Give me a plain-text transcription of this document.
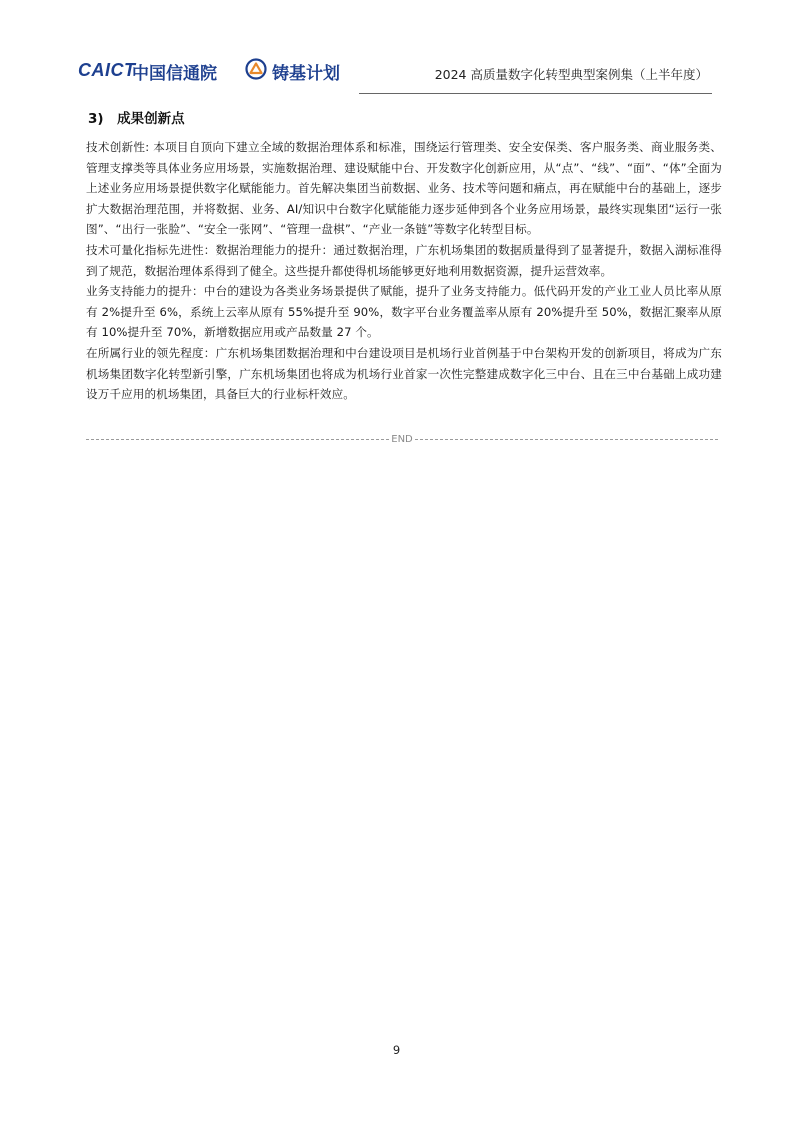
CAICT
中国信通院	铸基计划	2024 高质量数字化转型典型案例集（上半年度）
3)　成果创新点

技术创新性: 本项目自顶向下建立全域的数据治理体系和标准，围绕运行管理类、安全安保类、客户服务类、商业服务类、管理支撑类等具体业务应用场景，实施数据治理、建设赋能中台、开发数字化创新应用，从“点”、“线”、“面”、“体”全面为上述业务应用场景提供数字化赋能能力。首先解决集团当前数据、业务、技术等问题和痛点，再在赋能中台的基础上，逐步扩大数据治理范围，并将数据、业务、AI/知识中台数字化赋能能力逐步延伸到各个业务应用场景，最终实现集团“运行一张图”、“出行一张脸”、“安全一张网”、“管理一盘棋”、“产业一条链”等数字化转型目标。

技术可量化指标先进性：数据治理能力的提升：通过数据治理，广东机场集团的数据质量得到了显著提升，数据入湖标准得到了规范，数据治理体系得到了健全。这些提升都使得机场能够更好地利用数据资源，提升运营效率。

业务支持能力的提升：中台的建设为各类业务场景提供了赋能，提升了业务支持能力。低代码开发的产业工业人员比率从原有 2%提升至 6%，系统上云率从原有 55%提升至 90%，数字平台业务覆盖率从原有 20%提升至 50%，数据汇聚率从原有 10%提升至 70%，新增数据应用或产品数量 27 个。

在所属行业的领先程度：广东机场集团数据治理和中台建设项目是机场行业首例基于中台架构开发的创新项目，将成为广东机场集团数字化转型新引擎，广东机场集团也将成为机场行业首家一次性完整建成数字化三中台、且在三中台基础上成功建设万千应用的机场集团，具备巨大的行业标杆效应。

END
9
